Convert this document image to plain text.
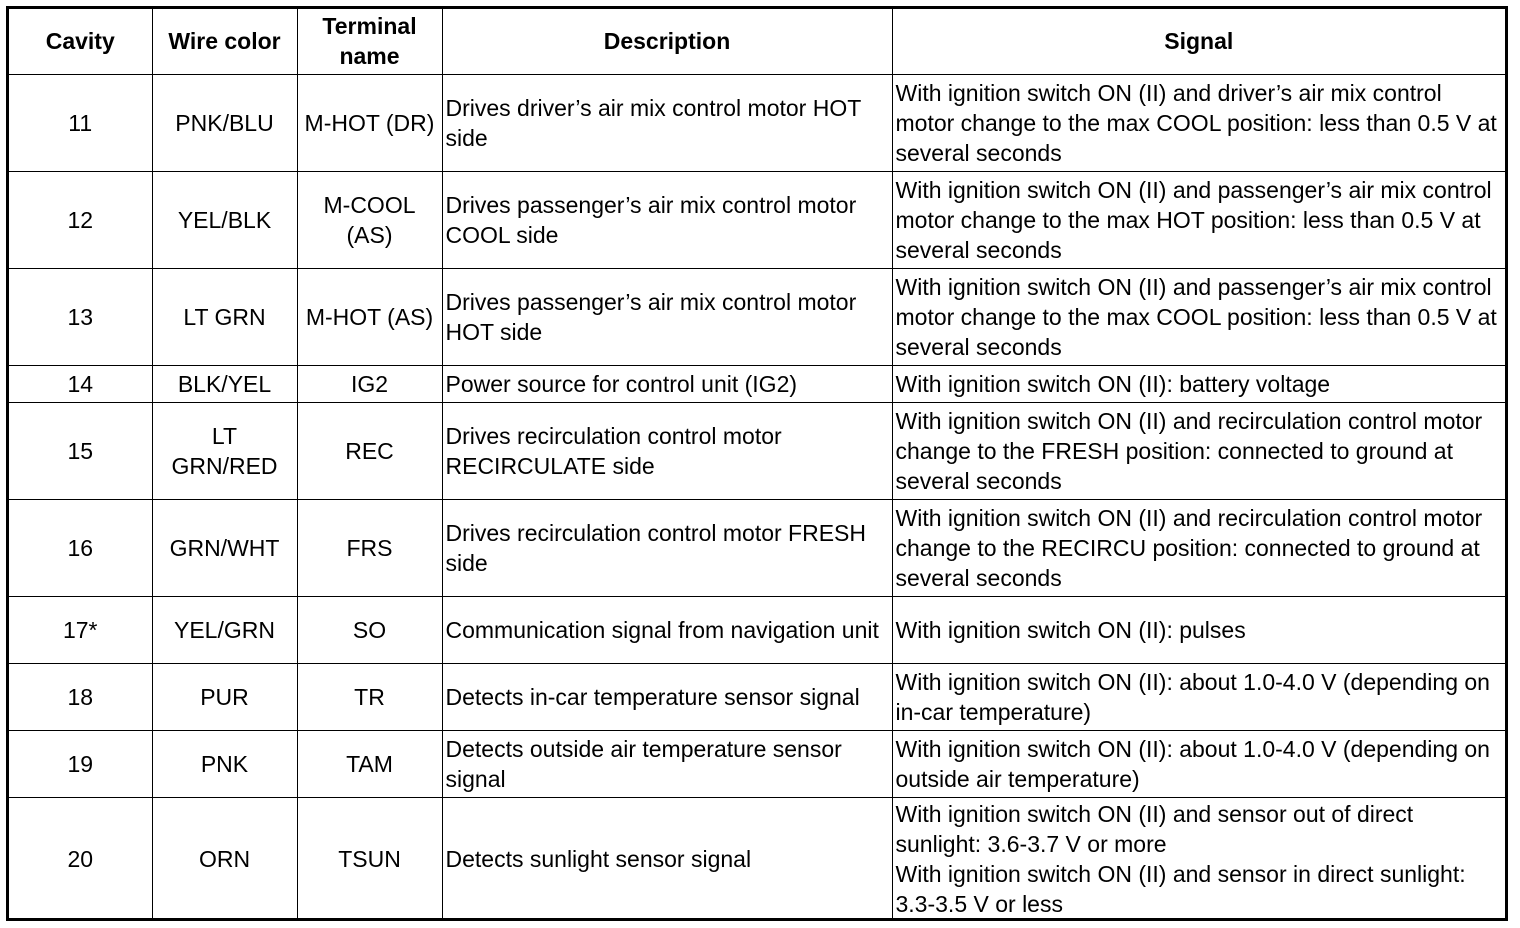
Cavity	Wire color	Terminal name	Description	Signal
11	PNK/BLU	M-HOT (DR)	Drives driver’s air mix control motor HOT side	With ignition switch ON (II) and driver’s air mix control motor change to the max COOL position: less than 0.5 V at several seconds
12	YEL/BLK	M-COOL (AS)	Drives passenger’s air mix control motor COOL side	With ignition switch ON (II) and passenger’s air mix control motor change to the max HOT position: less than 0.5 V at several seconds
13	LT GRN	M-HOT (AS)	Drives passenger’s air mix control motor HOT side	With ignition switch ON (II) and passenger’s air mix control motor change to the max COOL position: less than 0.5 V at several seconds
14	BLK/YEL	IG2	Power source for control unit (IG2)	With ignition switch ON (II): battery voltage
15	LT GRN/RED	REC	Drives recirculation control motor RECIRCULATE side	With ignition switch ON (II) and recirculation control motor change to the FRESH position: connected to ground at several seconds
16	GRN/WHT	FRS	Drives recirculation control motor FRESH side	With ignition switch ON (II) and recirculation control motor change to the RECIRCU position: connected to ground at several seconds
17*	YEL/GRN	SO	Communication signal from navigation unit	With ignition switch ON (II): pulses
18	PUR	TR	Detects in-car temperature sensor signal	With ignition switch ON (II): about 1.0-4.0 V (depending on in-car temperature)
19	PNK	TAM	Detects outside air temperature sensor signal	With ignition switch ON (II): about 1.0-4.0 V (depending on outside air temperature)
20	ORN	TSUN	Detects sunlight sensor signal	With ignition switch ON (II) and sensor out of direct sunlight: 3.6-3.7 V or more
With ignition switch ON (II) and sensor in direct sunlight: 3.3-3.5 V or less
